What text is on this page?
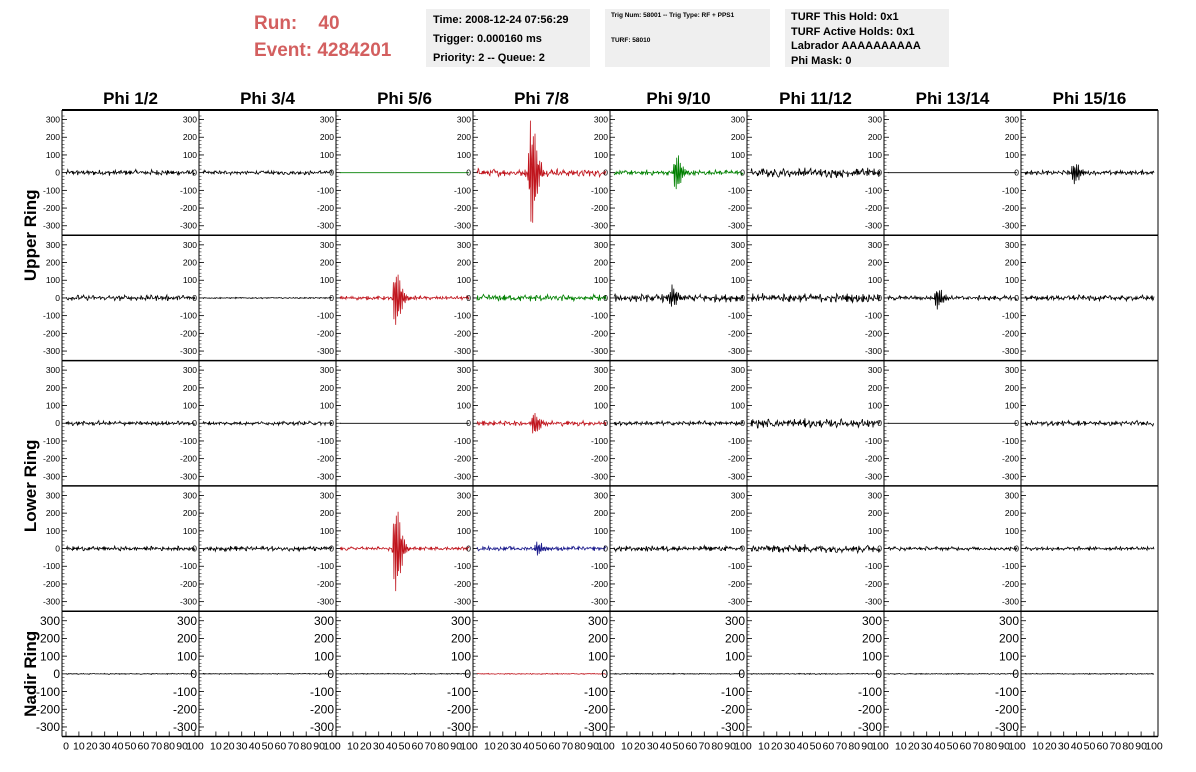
Run: 40
Event: 4284201
Time: 2008-12-24 07:56:29
Trigger: 0.000160 ms
Priority: 2 -- Queue: 2
Trig Num: 58001 -- Trig Type: RF + PPS1
TURF: 58010
TURF This Hold: 0x1
TURF Active Holds: 0x1
Labrador AAAAAAAAAA
Phi Mask: 0
Phi 1/2	Phi 3/4	Phi 5/6	Phi 7/8	Phi 9/10	Phi 11/12	Phi 13/14	Phi 15/16
Upper Ring
Lower Ring
Nadir Ring
-300
-200
-100
0
100
200
300
-300
-200
-100
0
100
200
300
-300
-200
-100
0
100
200
300
-300
-200
-100
0
100
200
300
-300
-200
-100
0
100
200
300
-300
-200
-100
0
100
200
300
-300
-200
-100
0
100
200
300
-300
-200
-100
0
100
200
300
-300
-200
-100
0
100
200
300
-300
-200
-100
0
100
200
300
-300
-200
-100
0
100
200
300
-300
-200
-100
0
100
200
300
-300
-200
-100
0
100
200
300
-300
-200
-100
0
100
200
300
-300
-200
-100
0
100
200
300
-300
-200
-100
0
100
200
300
-300
-200
-100
0
100
200
300
-300
-200
-100
0
100
200
300
-300
-200
-100
0
100
200
300
-300
-200
-100
0
100
200
300
-300
-200
-100
0
100
200
300
-300
-200
-100
0
100
200
300
-300
-200
-100
0
100
200
300
-300
-200
-100
0
100
200
300
-300
-200
-100
0
100
200
300
-300
-200
-100
0
100
200
300
-300
-200
-100
0
100
200
300
-300
-200
-100
0
100
200
300
-300
-200
-100
0
100
200
300
-300
-200
-100
0
100
200
300
-300
-200
-100
0
100
200
300
-300
-200
-100
0
100
200
300
-300
-200
-100
0
100
200
300
-300
-200
-100
0
100
200
300
-300
-200
-100
0
100
200
300
-300
-200
-100
0
100
200
300
-300
-200
-100
0
100
200
300
-300
-200
-100
0
100
200
300
-300
-200
-100
0
100
200
300
-300
-200
-100
0
100
200
300
0 10 20 30 40 50 60 70 80 90
100 10 20 30 40 50 60 70 80 90
100 10 20 30 40 50 60 70 80 90
100 10 20 30 40 50 60 70 80 90
100 10 20 30 40 50 60 70 80 90
100 10 20 30 40 50 60 70 80 90
100 10 20 30 40 50 60 70 80 90
100 10 20 30 40 50 60 70 80 90
100
